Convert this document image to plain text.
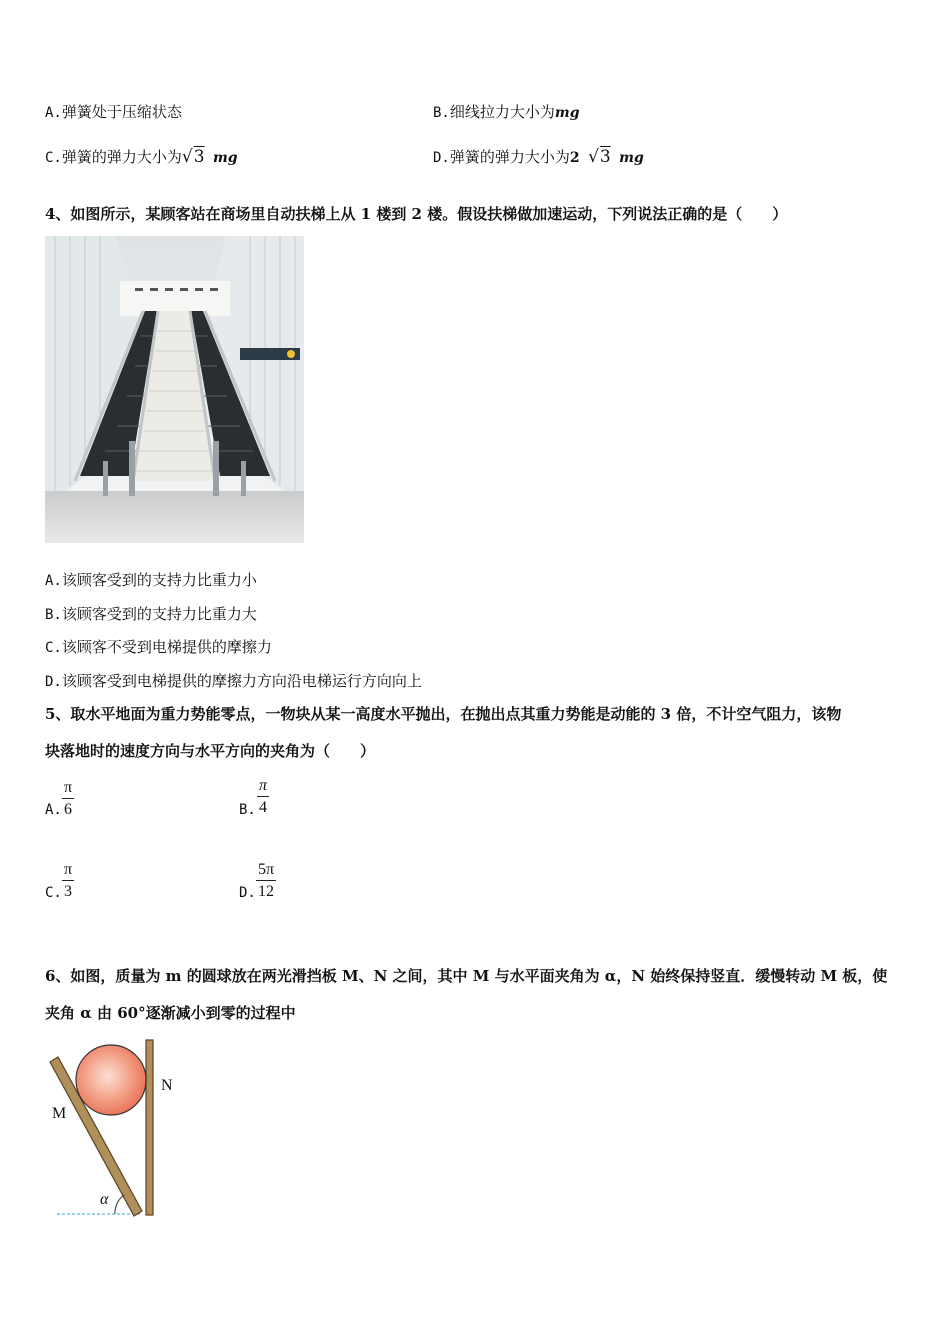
A.弹簧处于压缩状态	B.细线拉力大小为mg
C.弹簧的弹力大小为√3 mg	D.弹簧的弹力大小为2 √3 mg
4、如图所示，某顾客站在商场里自动扶梯上从 1 楼到 2 楼。假设扶梯做加速运动，下列说法正确的是（　　）
A.该顾客受到的支持力比重力小
B.该顾客受到的支持力比重力大
C.该顾客不受到电梯提供的摩擦力
D.该顾客受到电梯提供的摩擦力方向沿电梯运行方向向上
5、取水平地面为重力势能零点，一物块从某一高度水平抛出，在抛出点其重力势能是动能的 3 倍，不计空气阻力，该物
块落地时的速度方向与水平方向的夹角为（　　）
A. $\frac{\pi}{6}$	B. $\frac{\pi}{4}$
C. $\frac{\pi}{3}$	D. $\frac{5\pi}{12}$
6、如图，质量为 m 的圆球放在两光滑挡板 M、N 之间，其中 M 与水平面夹角为 α，N 始终保持竖直．缓慢转动 M 板，使
夹角 α 由 60°逐渐减小到零的过程中
M
N
α
